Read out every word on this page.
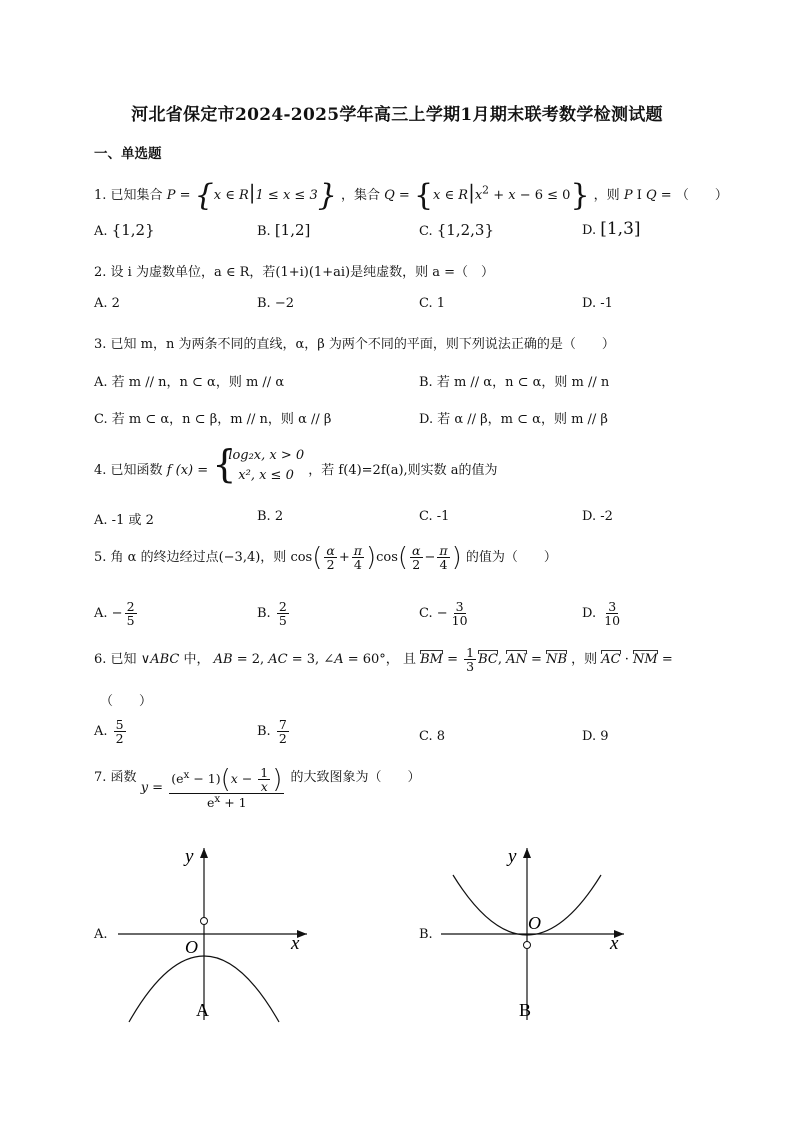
河北省保定市2024-2025学年高三上学期1月期末联考数学检测试题
一、单选题
1. 已知集合 P = {x ∈ R|1 ≤ x ≤ 3} ，集合 Q = {x ∈ $R|x^2 + x - 6 \le 0$} ，则 P I Q = （　　）
A. {1,2}	B. [1,2]	C. {1,2,3}	D. [1,3]
2. 设 i 为虚数单位，a ∈ R，若(1+i)(1+ai)是纯虚数，则 a =（　）
A. 2	B. −2	C. 1	D. -1
3. 已知 m，n 为两条不同的直线，α，β 为两个不同的平面，则下列说法正确的是（　　）
A. 若 m // n，n ⊂ α，则 m // α	B. 若 m // α，n ⊂ α，则 m // n
C. 若 m ⊂ α，n ⊂ β，m // n，则 α // β	D. 若 α // β，m ⊂ α，则 m // β
4. 已知函数 f (x) = {
log₂x, x > 0
x², x ≤ 0	，若 f(4)=2f(a),则实数 a的值为
A. -1 或 2	B. 2	C. -1	D. -2
5. 角 α 的终边经过点(−3,4)，则 $\cos( \frac{\alpha}{2} + \frac{\pi}{4} )\cos( \frac{\alpha}{2} - \frac{\pi}{4}$ ) 的值为（　　）
A. − $\frac{2}{5}$	B. $\frac{2}{5}$	C. − $\frac{3}{10}$	D. $\frac{3}{10}$
6. 已知 ∨ABC 中， AB = 2, AC = 3, ∠A = 60°， 且 BM = $\frac{1}{3}$ BC, AN = NB ，则 AC · NM =
（　　）
A. $\frac{5}{2}$	B. $\frac{7}{2}$	C. 8	D. 9
7. 函数 $y = \frac{(e^x - 1)(x - \frac{1}{x} )}{e^x + 1}$ 的大致图象为（　　）
A.
y
x
O
A
B.
y
x
O
B
